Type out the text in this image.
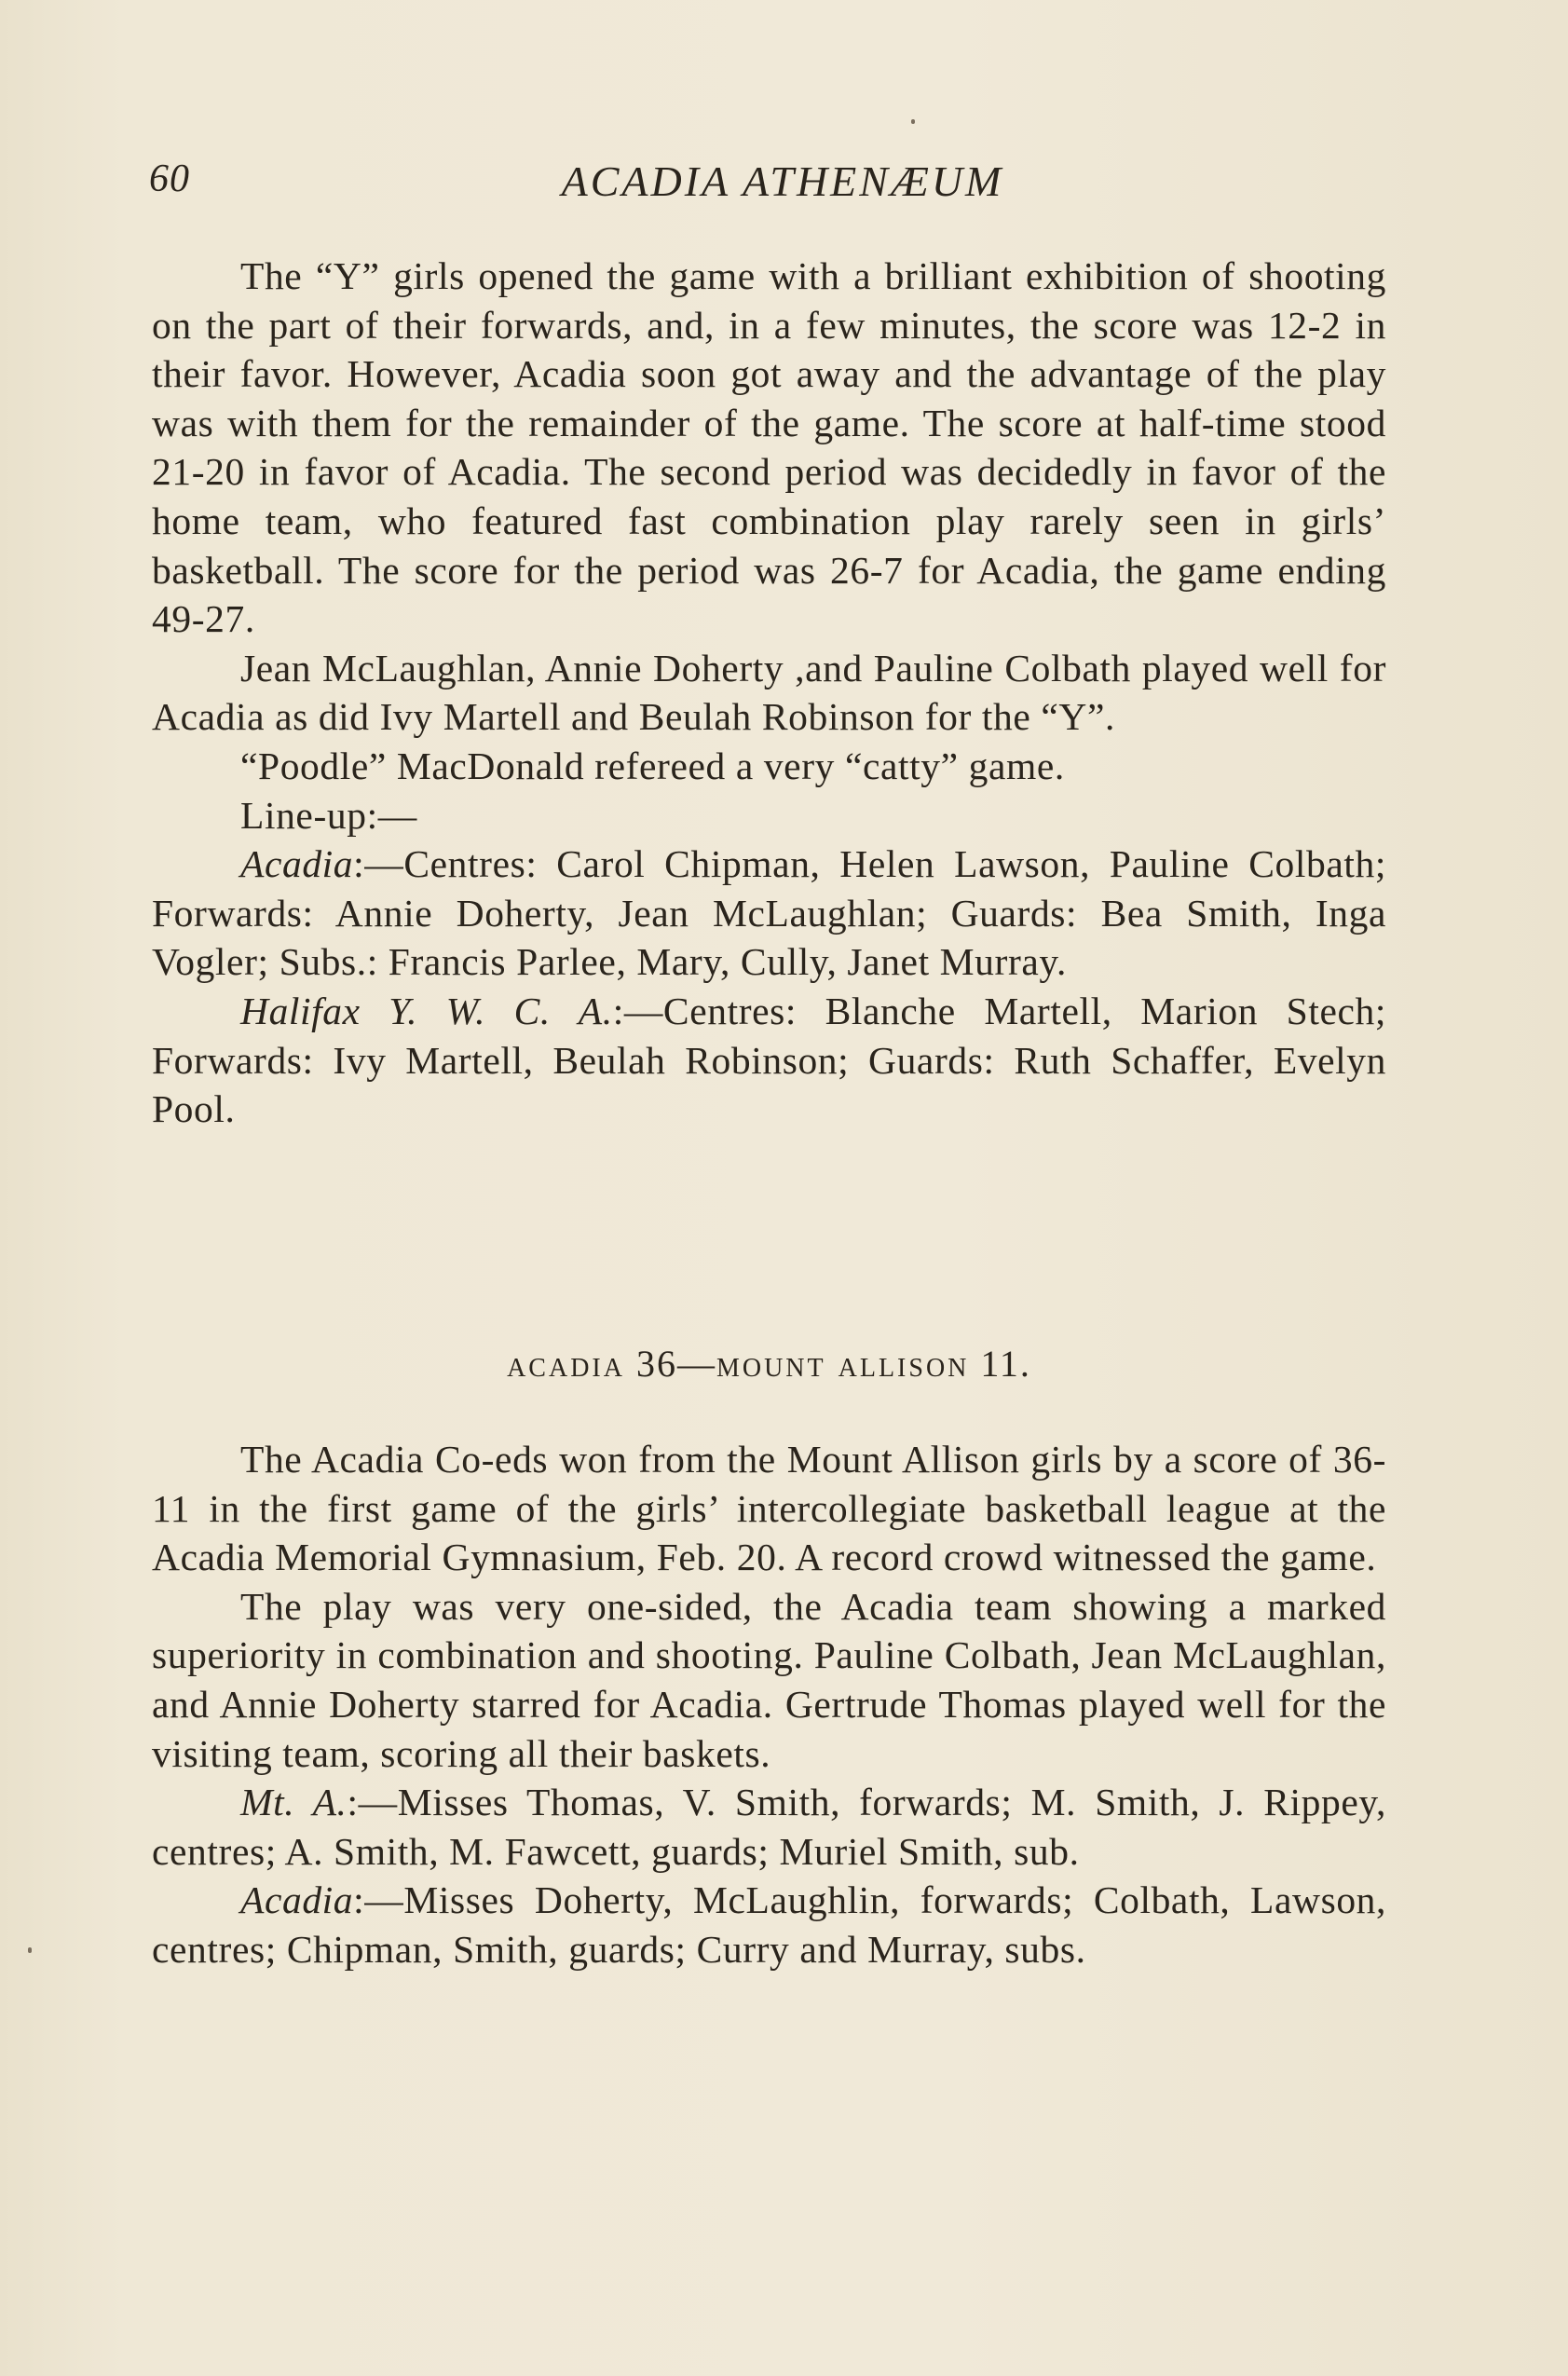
60	ACADIA ATHENÆUM

The “Y” girls opened the game with a brilliant exhibition of shooting on the part of their forwards, and, in a few minutes, the score was 12-2 in their favor. However, Acadia soon got away and the advantage of the play was with them for the remainder of the game. The score at half-time stood 21-20 in favor of Acadia. The second period was decidedly in favor of the home team, who featured fast combination play rarely seen in girls’ basketball. The score for the period was 26-7 for Acadia, the game ending 49-27.

Jean McLaughlan, Annie Doherty ,and Pauline Colbath played well for Acadia as did Ivy Martell and Beulah Robinson for the “Y”.

“Poodle” MacDonald refereed a very “catty” game.

Line-up:—

Acadia:—Centres: Carol Chipman, Helen Lawson, Pauline Colbath; Forwards: Annie Doherty, Jean McLaughlan; Guards: Bea Smith, Inga Vogler; Subs.: Francis Parlee, Mary, Cully, Janet Murray.

Halifax Y. W. C. A.:—Centres: Blanche Martell, Marion Stech; Forwards: Ivy Martell, Beulah Robinson; Guards: Ruth Schaffer, Evelyn Pool.

acadia 36—mount allison 11.

The Acadia Co-eds won from the Mount Allison girls by a score of 36-11 in the first game of the girls’ intercollegiate basketball league at the Acadia Memorial Gymnasium, Feb. 20. A record crowd witnessed the game.

The play was very one-sided, the Acadia team showing a marked superiority in combination and shooting. Pauline Colbath, Jean McLaughlan, and Annie Doherty starred for Acadia. Gertrude Thomas played well for the visiting team, scoring all their baskets.

Mt. A.:—Misses Thomas, V. Smith, forwards; M. Smith, J. Rippey, centres; A. Smith, M. Fawcett, guards; Muriel Smith, sub.

Acadia:—Misses Doherty, McLaughlin, forwards; Colbath, Lawson, centres; Chipman, Smith, guards; Curry and Murray, subs.
